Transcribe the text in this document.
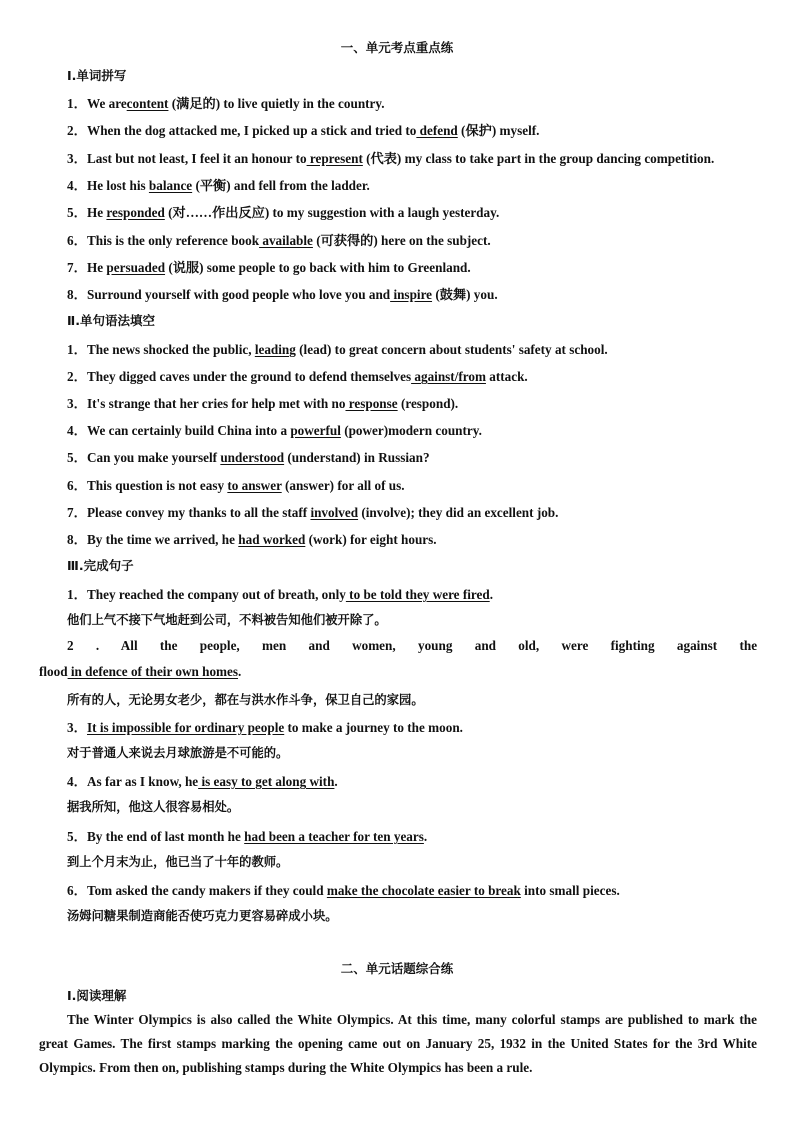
一、单元考点重点练
Ⅰ.单词拼写
1．We arecontent (满足的) to live quietly in the country.
2．When the dog attacked me, I picked up a stick and tried to defend (保护) myself.
3．Last but not least, I feel it an honour to represent (代表) my class to take part in the group dancing competition.
4．He lost his balance (平衡) and fell from the ladder.
5．He responded (对……作出反应) to my suggestion with a laugh yesterday.
6．This is the only reference book available (可获得的) here on the subject.
7．He persuaded (说服) some people to go back with him to Greenland.
8．Surround yourself with good people who love you and inspire (鼓舞) you.
Ⅱ.单句语法填空
1．The news shocked the public, leading (lead) to great concern about students' safety at school.
2．They digged caves under the ground to defend themselves against/from attack.
3．It's strange that her cries for help met with no response (respond).
4．We can certainly build China into a powerful (power)modern country.
5．Can you make yourself understood (understand) in Russian?
6．This question is not easy to answer (answer) for all of us.
7．Please convey my thanks to all the staff involved (involve); they did an excellent job.
8．By the time we arrived, he had worked (work) for eight hours.
Ⅲ.完成句子
1．They reached the company out of breath, only to be told they were fired.
他们上气不接下气地赶到公司，不料被告知他们被开除了。
2 . All the people, men and women, young and old, were fighting against the
flood in defence of their own homes.
所有的人，无论男女老少，都在与洪水作斗争，保卫自己的家园。
3．It is impossible for ordinary people to make a journey to the moon.
对于普通人来说去月球旅游是不可能的。
4．As far as I know, he is easy to get along with.
据我所知，他这人很容易相处。
5．By the end of last month he had been a teacher for ten years.
到上个月末为止，他已当了十年的教师。
6．Tom asked the candy makers if they could make the chocolate easier to break into small pieces.
汤姆问糖果制造商能否使巧克力更容易碎成小块。
二、单元话题综合练
Ⅰ.阅读理解
The Winter Olympics is also called the White Olympics. At this time, many colorful stamps are published to mark the great Games. The first stamps marking the opening came out on January 25, 1932 in the United States for the 3rd White Olympics. From then on, publishing stamps during the White Olympics has been a rule.
